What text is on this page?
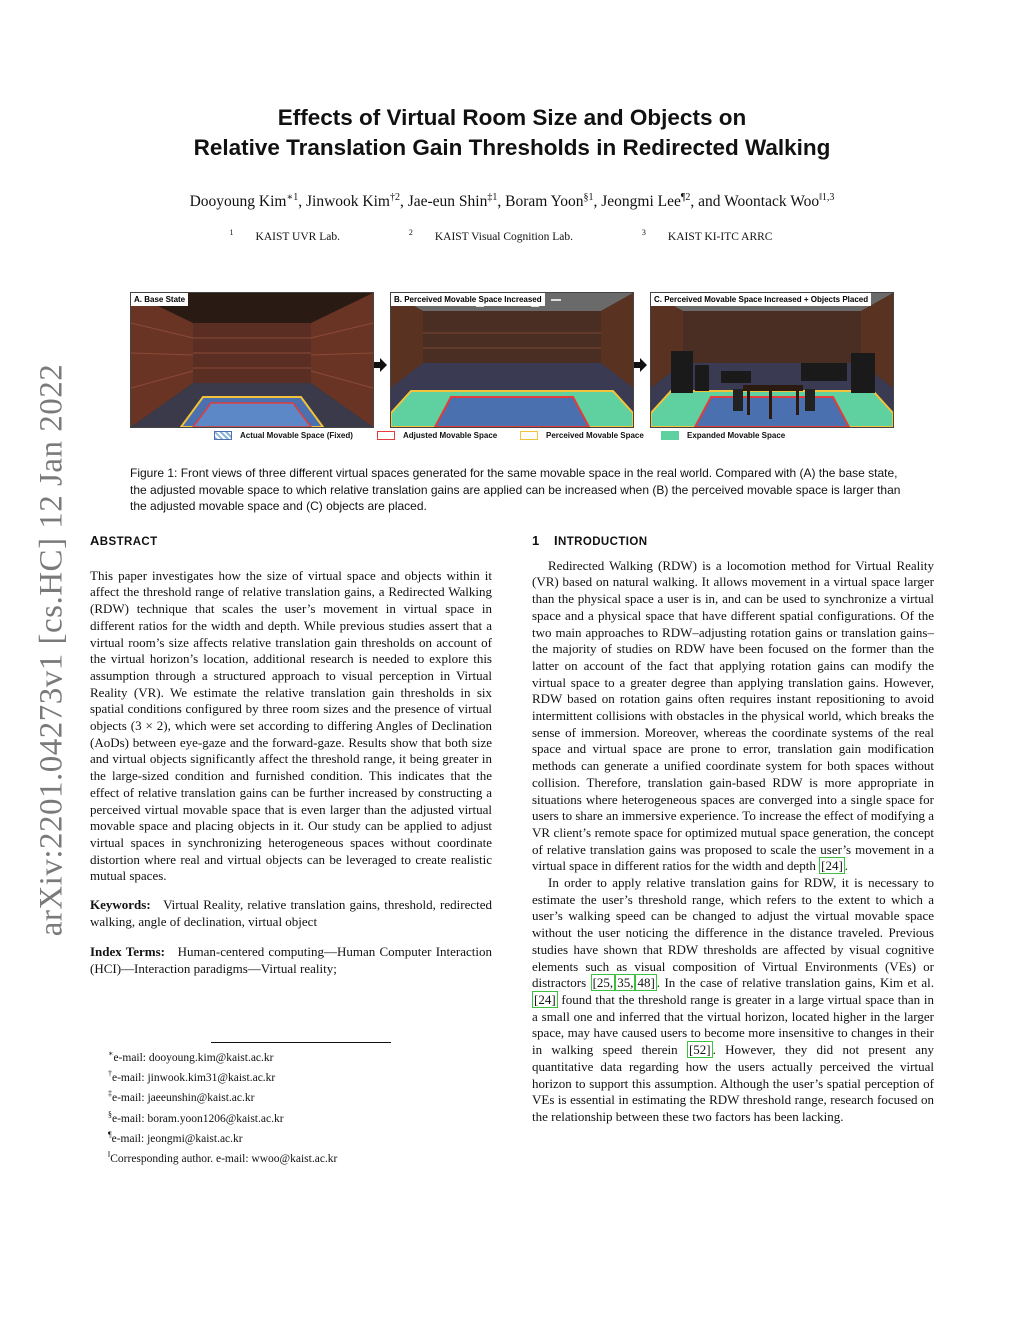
arXiv:2201.04273v1 [cs.HC] 12 Jan 2022
Effects of Virtual Room Size and Objects on
Relative Translation Gain Thresholds in Redirected Walking
Dooyoung Kim$^{∗1}$, Jinwook Kim$^{\dagger 2}$, Jae-eun Shin$^{\ddagger 1}$, Boram Yoon$^{\S 1}$, Jeongmi Lee$^{\P 2}$, and Woontack Woo$^{‖1,3}$
$^1$ KAIST UVR Lab.	$^2$ KAIST Visual Cognition Lab.	$^3$ KAIST KI-ITC ARRC
A. Base State	B. Perceived Movable Space Increased	C. Perceived Movable Space Increased + Objects Placed
Actual Movable Space (Fixed)	Adjusted Movable Space	Perceived Movable Space	Expanded Movable Space
Figure 1: Front views of three different virtual spaces generated for the same movable space in the real world. Compared with (A) the base state, the adjusted movable space to which relative translation gains are applied can be increased when (B) the perceived movable space is larger than the adjusted movable space and (C) objects are placed.
ABSTRACT

This paper investigates how the size of virtual space and objects within it affect the threshold range of relative translation gains, a Redirected Walking (RDW) technique that scales the user’s movement in virtual space in different ratios for the width and depth. While previous studies assert that a virtual room’s size affects relative translation gain thresholds on account of the virtual horizon’s location, additional research is needed to explore this assumption through a structured approach to visual perception in Virtual Reality (VR). We estimate the relative translation gain thresholds in six spatial conditions configured by three room sizes and the presence of virtual objects (3 × 2), which were set according to differing Angles of Declination (AoDs) between eye-gaze and the forward-gaze. Results show that both size and virtual objects significantly affect the threshold range, it being greater in the large-sized condition and furnished condition. This indicates that the effect of relative translation gains can be further increased by constructing a perceived virtual movable space that is even larger than the adjusted virtual movable space and placing objects in it. Our study can be applied to adjust virtual spaces in synchronizing heterogeneous spaces without coordinate distortion where real and virtual objects can be leveraged to create realistic mutual spaces.

Keywords: Virtual Reality, relative translation gains, threshold, redirected walking, angle of declination, virtual object

Index Terms: Human-centered computing—Human Computer Interaction (HCI)—Interaction paradigms—Virtual reality;

∗e-mail: dooyoung.kim@kaist.ac.kr
†e-mail: jinwook.kim31@kaist.ac.kr
‡e-mail: jaeeunshin@kaist.ac.kr
§e-mail: boram.yoon1206@kaist.ac.kr
¶e-mail: jeongmi@kaist.ac.kr
‖Corresponding author. e-mail: wwoo@kaist.ac.kr
1 INTRODUCTION

Redirected Walking (RDW) is a locomotion method for Virtual Reality (VR) based on natural walking. It allows movement in a virtual space larger than the physical space a user is in, and can be used to synchronize a virtual space and a physical space that have different spatial configurations. Of the two main approaches to RDW–adjusting rotation gains or translation gains–the majority of studies on RDW have been focused on the former than the latter on account of the fact that applying rotation gains can modify the virtual space to a greater degree than applying translation gains. However, RDW based on rotation gains often requires instant repositioning to avoid intermittent collisions with obstacles in the physical world, which breaks the sense of immersion. Moreover, whereas the coordinate systems of the real space and virtual space are prone to error, translation gain modification methods can generate a unified coordinate system for both spaces without collision. Therefore, translation gain-based RDW is more appropriate in situations where heterogeneous spaces are converged into a single space for users to share an immersive experience. To increase the effect of modifying a VR client’s remote space for optimized mutual space generation, the concept of relative translation gains was proposed to scale the user’s movement in a virtual space in different ratios for the width and depth [24] .

In order to apply relative translation gains for RDW, it is necessary to estimate the user’s threshold range, which refers to the extent to which a user’s walking speed can be changed to adjust the virtual movable space without the user noticing the difference in the distance traveled. Previous studies have shown that RDW thresholds are affected by visual cognitive elements such as visual composition of Virtual Environments (VEs) or distractors [25, 35, 48] . In the case of relative translation gains, Kim et al. [24] found that the threshold range is greater in a large virtual space than in a small one and inferred that the virtual horizon, located higher in the larger space, may have caused users to become more insensitive to changes in their in walking speed therein [52] . However, they did not present any quantitative data regarding how the users actually perceived the virtual horizon to support this assumption. Although the user’s spatial perception of VEs is essential in estimating the RDW threshold range, research focused on the relationship between these two factors has been lacking.
